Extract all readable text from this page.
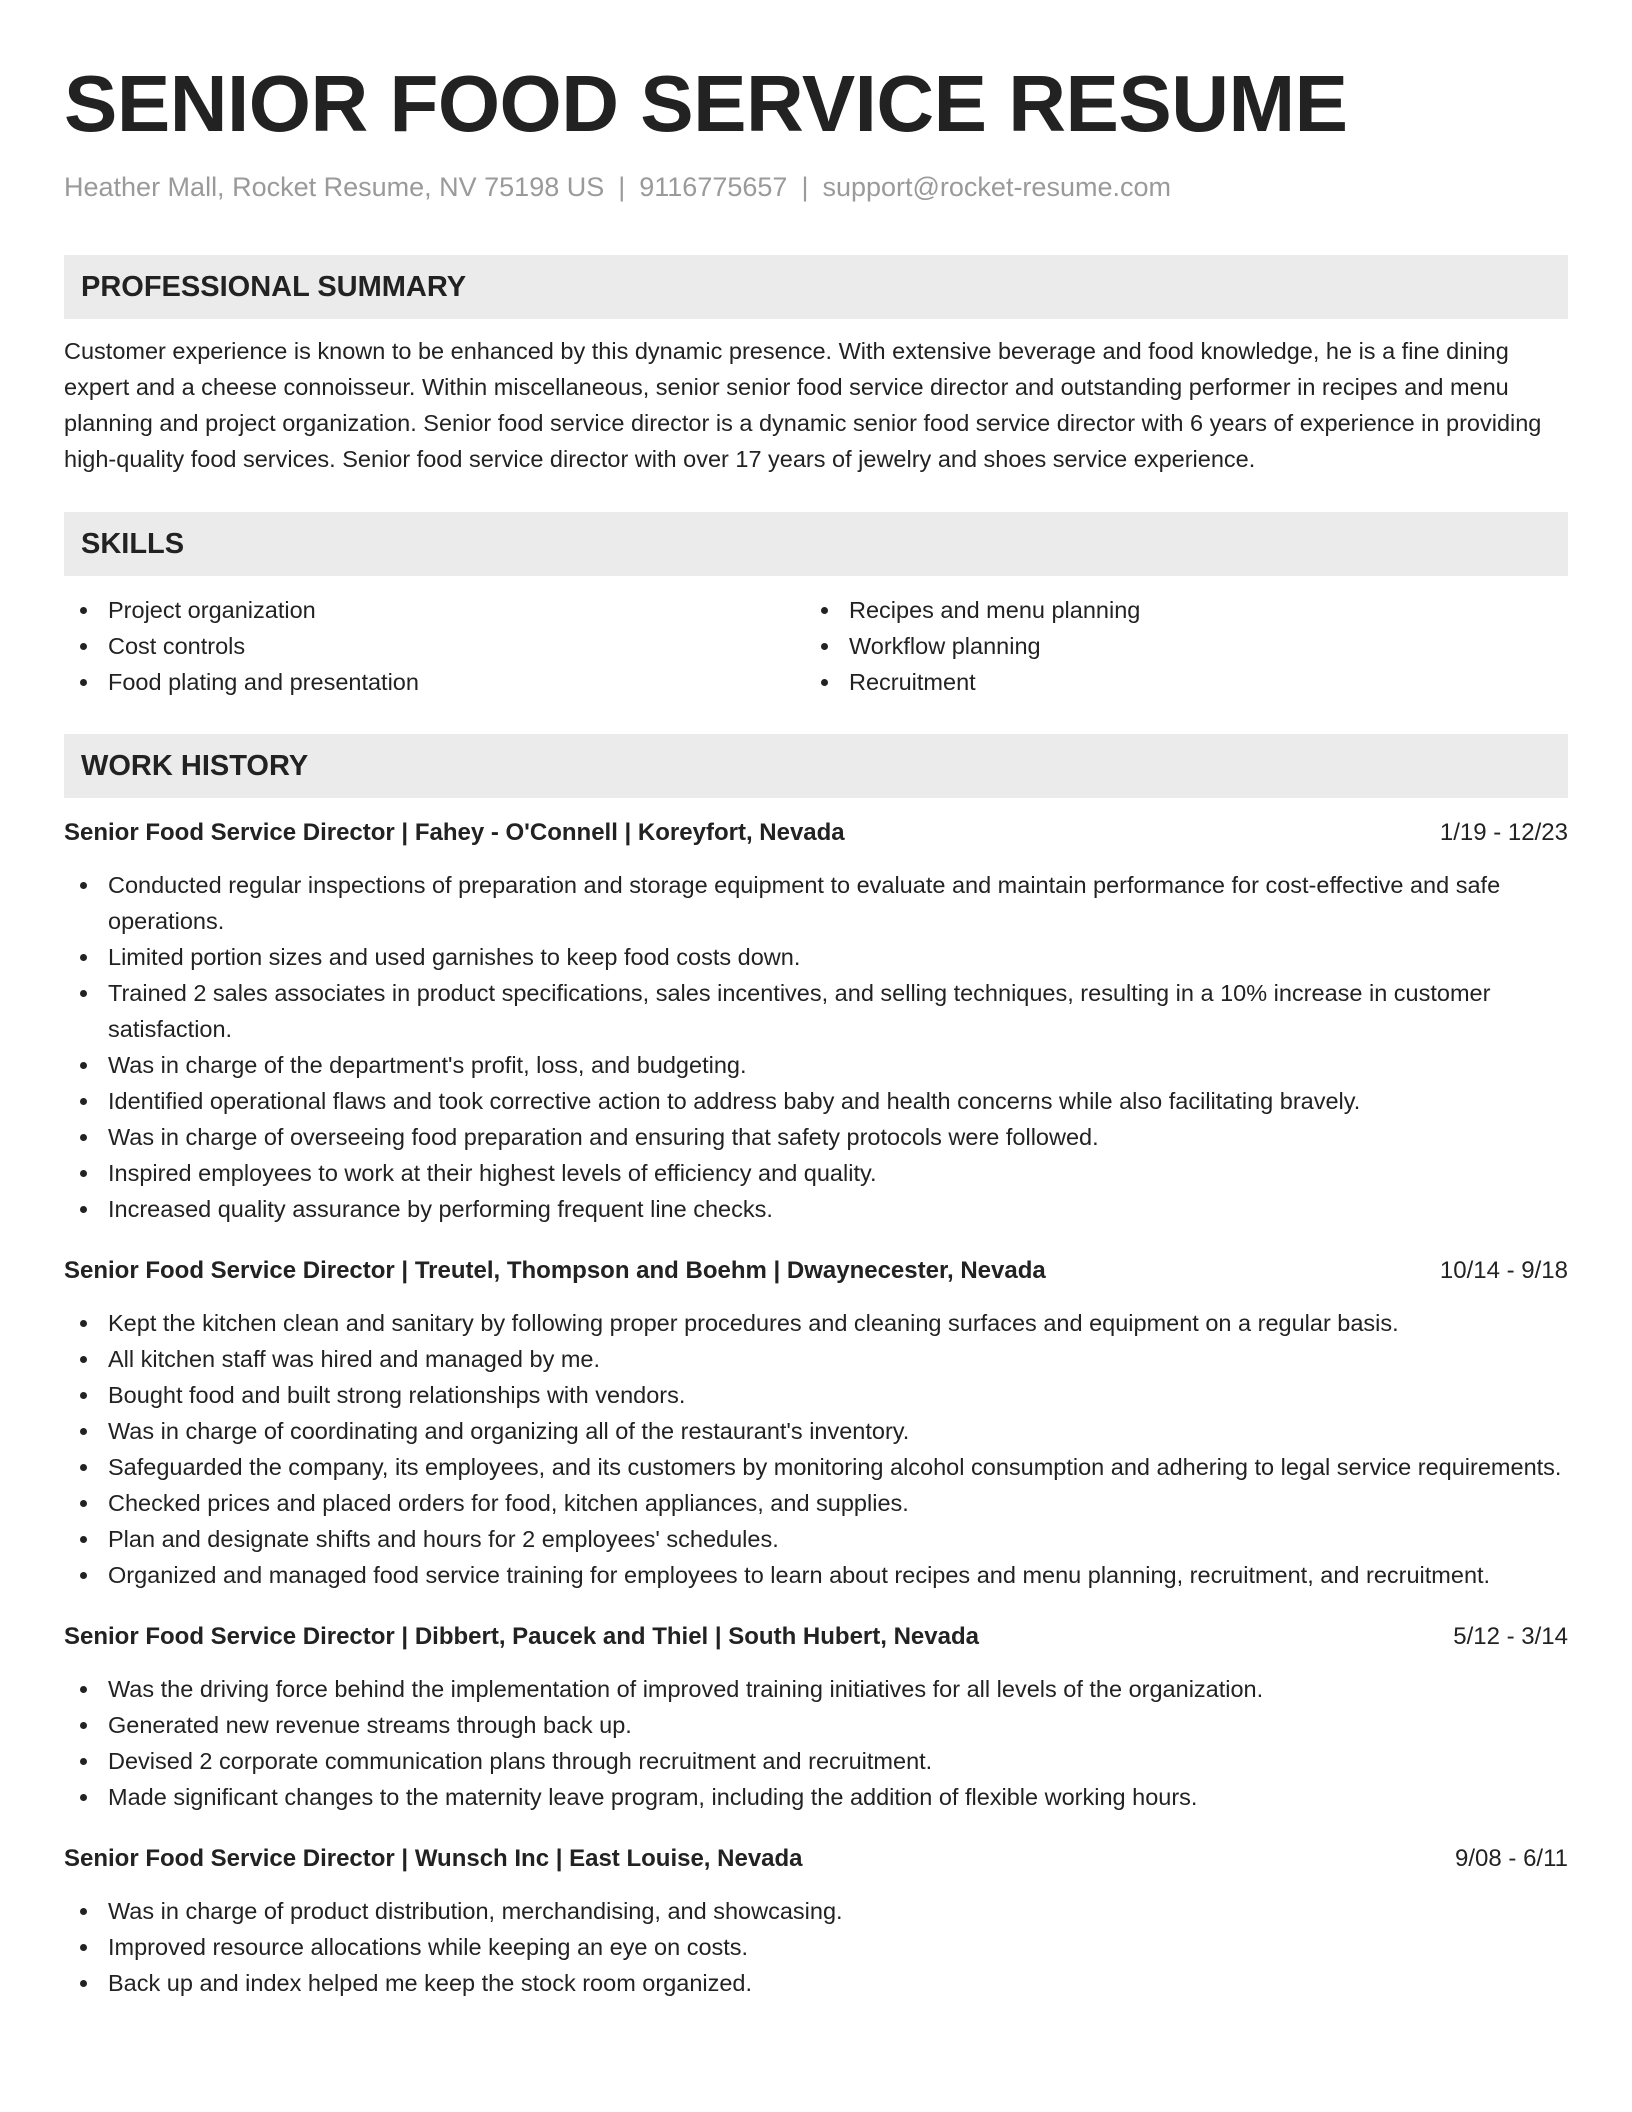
SENIOR FOOD SERVICE RESUME
Heather Mall, Rocket Resume, NV 75198 US | 9116775657 | support@rocket-resume.com
PROFESSIONAL SUMMARY

Customer experience is known to be enhanced by this dynamic presence. With extensive beverage and food knowledge, he is a fine dining expert and a cheese connoisseur. Within miscellaneous, senior senior food service director and outstanding performer in recipes and menu planning and project organization. Senior food service director is a dynamic senior food service director with 6 years of experience in providing high-quality food services. Senior food service director with over 17 years of jewelry and shoes service experience.

SKILLS
Project organization
Cost controls
Food plating and presentation
Recipes and menu planning
Workflow planning
Recruitment
WORK HISTORY
Senior Food Service Director | Fahey - O'Connell | Koreyfort, Nevada	1/19 - 12/23
Conducted regular inspections of preparation and storage equipment to evaluate and maintain performance for cost-effective and safe operations.
Limited portion sizes and used garnishes to keep food costs down.
Trained 2 sales associates in product specifications, sales incentives, and selling techniques, resulting in a 10% increase in customer satisfaction.
Was in charge of the department's profit, loss, and budgeting.
Identified operational flaws and took corrective action to address baby and health concerns while also facilitating bravely.
Was in charge of overseeing food preparation and ensuring that safety protocols were followed.
Inspired employees to work at their highest levels of efficiency and quality.
Increased quality assurance by performing frequent line checks.
Senior Food Service Director | Treutel, Thompson and Boehm | Dwaynecester, Nevada	10/14 - 9/18
Kept the kitchen clean and sanitary by following proper procedures and cleaning surfaces and equipment on a regular basis.
All kitchen staff was hired and managed by me.
Bought food and built strong relationships with vendors.
Was in charge of coordinating and organizing all of the restaurant's inventory.
Safeguarded the company, its employees, and its customers by monitoring alcohol consumption and adhering to legal service requirements.
Checked prices and placed orders for food, kitchen appliances, and supplies.
Plan and designate shifts and hours for 2 employees' schedules.
Organized and managed food service training for employees to learn about recipes and menu planning, recruitment, and recruitment.
Senior Food Service Director | Dibbert, Paucek and Thiel | South Hubert, Nevada	5/12 - 3/14
Was the driving force behind the implementation of improved training initiatives for all levels of the organization.
Generated new revenue streams through back up.
Devised 2 corporate communication plans through recruitment and recruitment.
Made significant changes to the maternity leave program, including the addition of flexible working hours.
Senior Food Service Director | Wunsch Inc | East Louise, Nevada	9/08 - 6/11
Was in charge of product distribution, merchandising, and showcasing.
Improved resource allocations while keeping an eye on costs.
Back up and index helped me keep the stock room organized.
